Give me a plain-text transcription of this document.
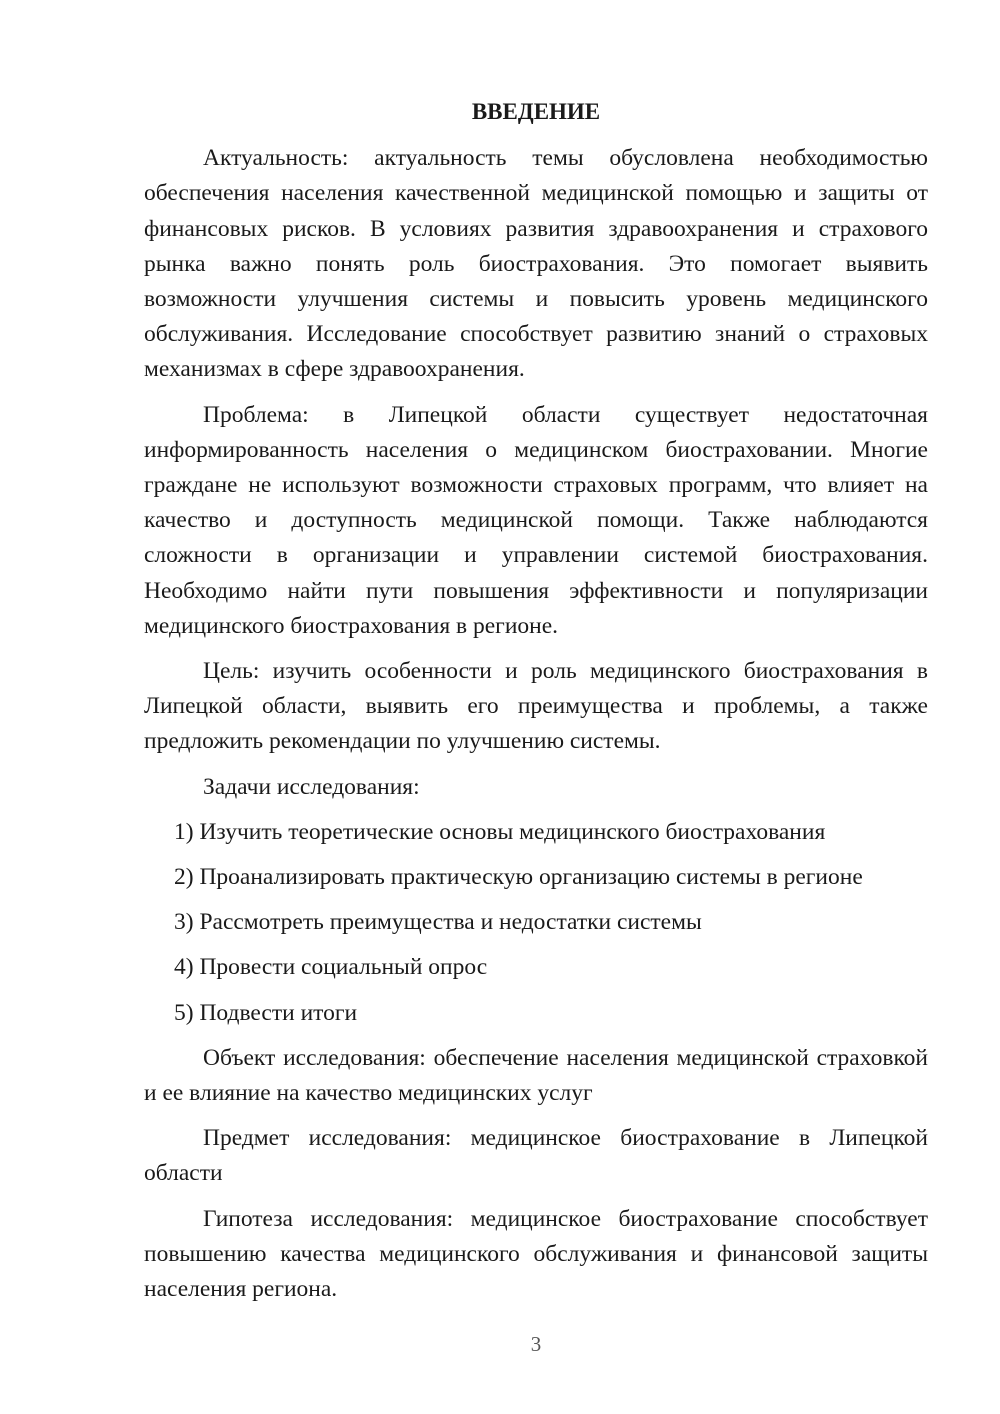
ВВЕДЕНИЕ

Актуальность: актуальность темы обусловлена необходимостью обеспечения населения качественной медицинской помощью и защиты от финансовых рисков. В условиях развития здравоохранения и страхового рынка важно понять роль биострахования. Это помогает выявить возможности улучшения системы и повысить уровень медицинского обслуживания. Исследование способствует развитию знаний о страховых механизмах в сфере здравоохранения.

Проблема: в Липецкой области существует недостаточная информированность населения о медицинском биостраховании. Многие граждане не используют возможности страховых программ, что влияет на качество и доступность медицинской помощи. Также наблюдаются сложности в организации и управлении системой биострахования. Необходимо найти пути повышения эффективности и популяризации медицинского биострахования в регионе.

Цель: изучить особенности и роль медицинского биострахования в Липецкой области, выявить его преимущества и проблемы, а также предложить рекомендации по улучшению системы.

Задачи исследования:

1) Изучить теоретические основы медицинского биострахования
2) Проанализировать практическую организацию системы в регионе
3) Рассмотреть преимущества и недостатки системы
4) Провести социальный опрос
5) Подвести итоги

Объект исследования: обеспечение населения медицинской страховкой и ее влияние на качество медицинских услуг

Предмет исследования: медицинское биострахование в Липецкой области

Гипотеза исследования: медицинское биострахование способствует повышению качества медицинского обслуживания и финансовой защиты населения региона.

3
